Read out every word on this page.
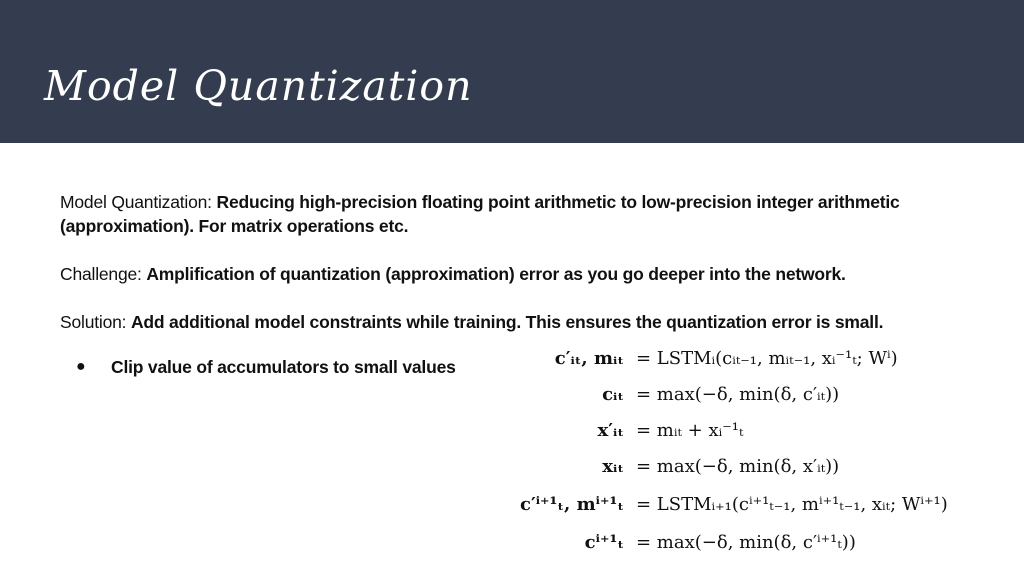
Model Quantization
Model Quantization: Reducing high-precision floating point arithmetic to low-precision integer arithmetic (approximation). For matrix operations etc.
Challenge: Amplification of quantization (approximation) error as you go deeper into the network.
Solution: Add additional model constraints while training. This ensures the quantization error is small.
● Clip value of accumulators to small values	c′ᵢₜ, mᵢₜ = LSTMᵢ(cᵢₜ₋₁, mᵢₜ₋₁, xᵢ⁻¹ₜ; Wⁱ)
cᵢₜ = max(−δ, min(δ, c′ᵢₜ))
x′ᵢₜ = mᵢₜ + xᵢ⁻¹ₜ
xᵢₜ = max(−δ, min(δ, x′ᵢₜ))
c′ⁱ⁺¹ₜ, mⁱ⁺¹ₜ = LSTMᵢ₊₁(cⁱ⁺¹ₜ₋₁, mⁱ⁺¹ₜ₋₁, xᵢₜ; Wⁱ⁺¹)
cⁱ⁺¹ₜ = max(−δ, min(δ, c′ⁱ⁺¹ₜ))
